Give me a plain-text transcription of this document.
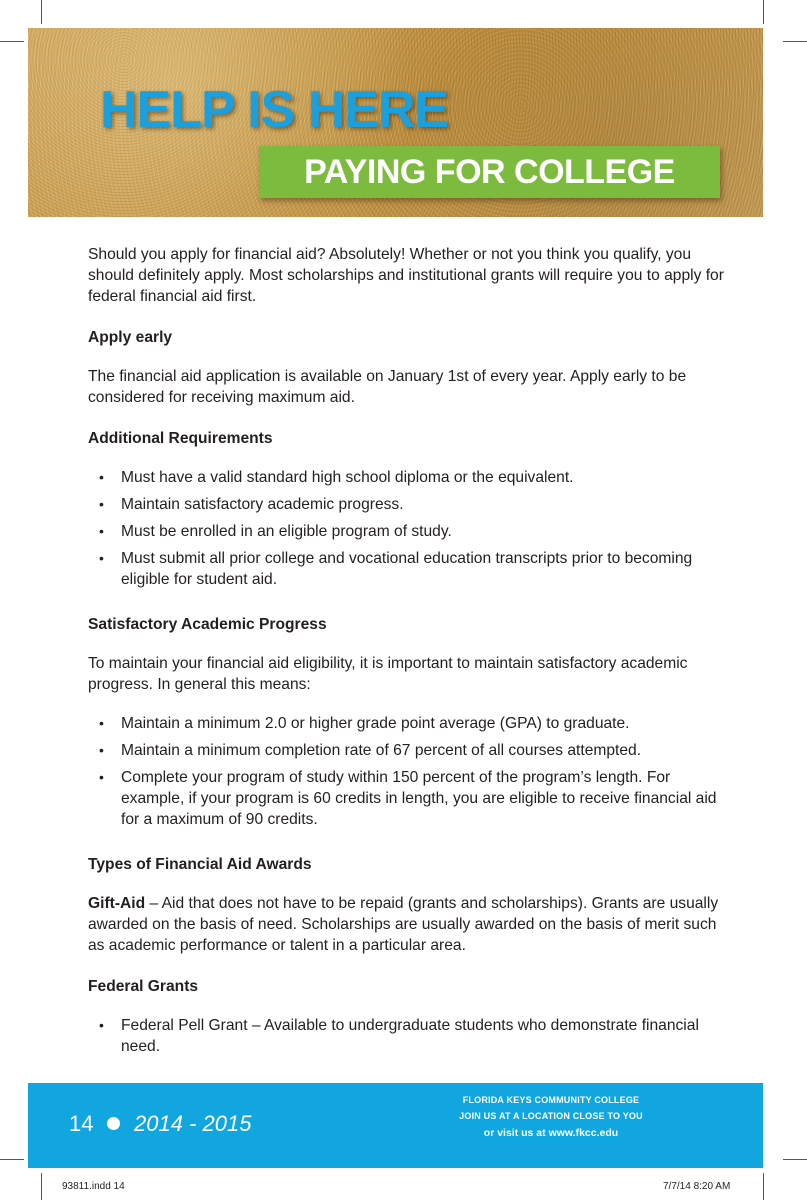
HELP IS HERE
PAYING FOR COLLEGE

Should you apply for financial aid? Absolutely! Whether or not you think you qualify, you should definitely apply. Most scholarships and institutional grants will require you to apply for federal financial aid first.

Apply early

The financial aid application is available on January 1st of every year. Apply early to be considered for receiving maximum aid.

Additional Requirements

• Must have a valid standard high school diploma or the equivalent.
• Maintain satisfactory academic progress.
• Must be enrolled in an eligible program of study.
• Must submit all prior college and vocational education transcripts prior to becoming eligible for student aid.

Satisfactory Academic Progress

To maintain your financial aid eligibility, it is important to maintain satisfactory academic progress. In general this means:

• Maintain a minimum 2.0 or higher grade point average (GPA) to graduate.
• Maintain a minimum completion rate of 67 percent of all courses attempted.
• Complete your program of study within 150 percent of the program’s length. For example, if your program is 60 credits in length, you are eligible to receive financial aid for a maximum of 90 credits.

Types of Financial Aid Awards

Gift-Aid – Aid that does not have to be repaid (grants and scholarships). Grants are usually awarded on the basis of need. Scholarships are usually awarded on the basis of merit such as academic performance or talent in a particular area.

Federal Grants

• Federal Pell Grant – Available to undergraduate students who demonstrate financial need.
14 2014 - 2015
FLORIDA KEYS COMMUNITY COLLEGE
JOIN US AT A LOCATION CLOSE TO YOU
or visit us at www.fkcc.edu
93811.indd 14	7/7/14 8:20 AM
